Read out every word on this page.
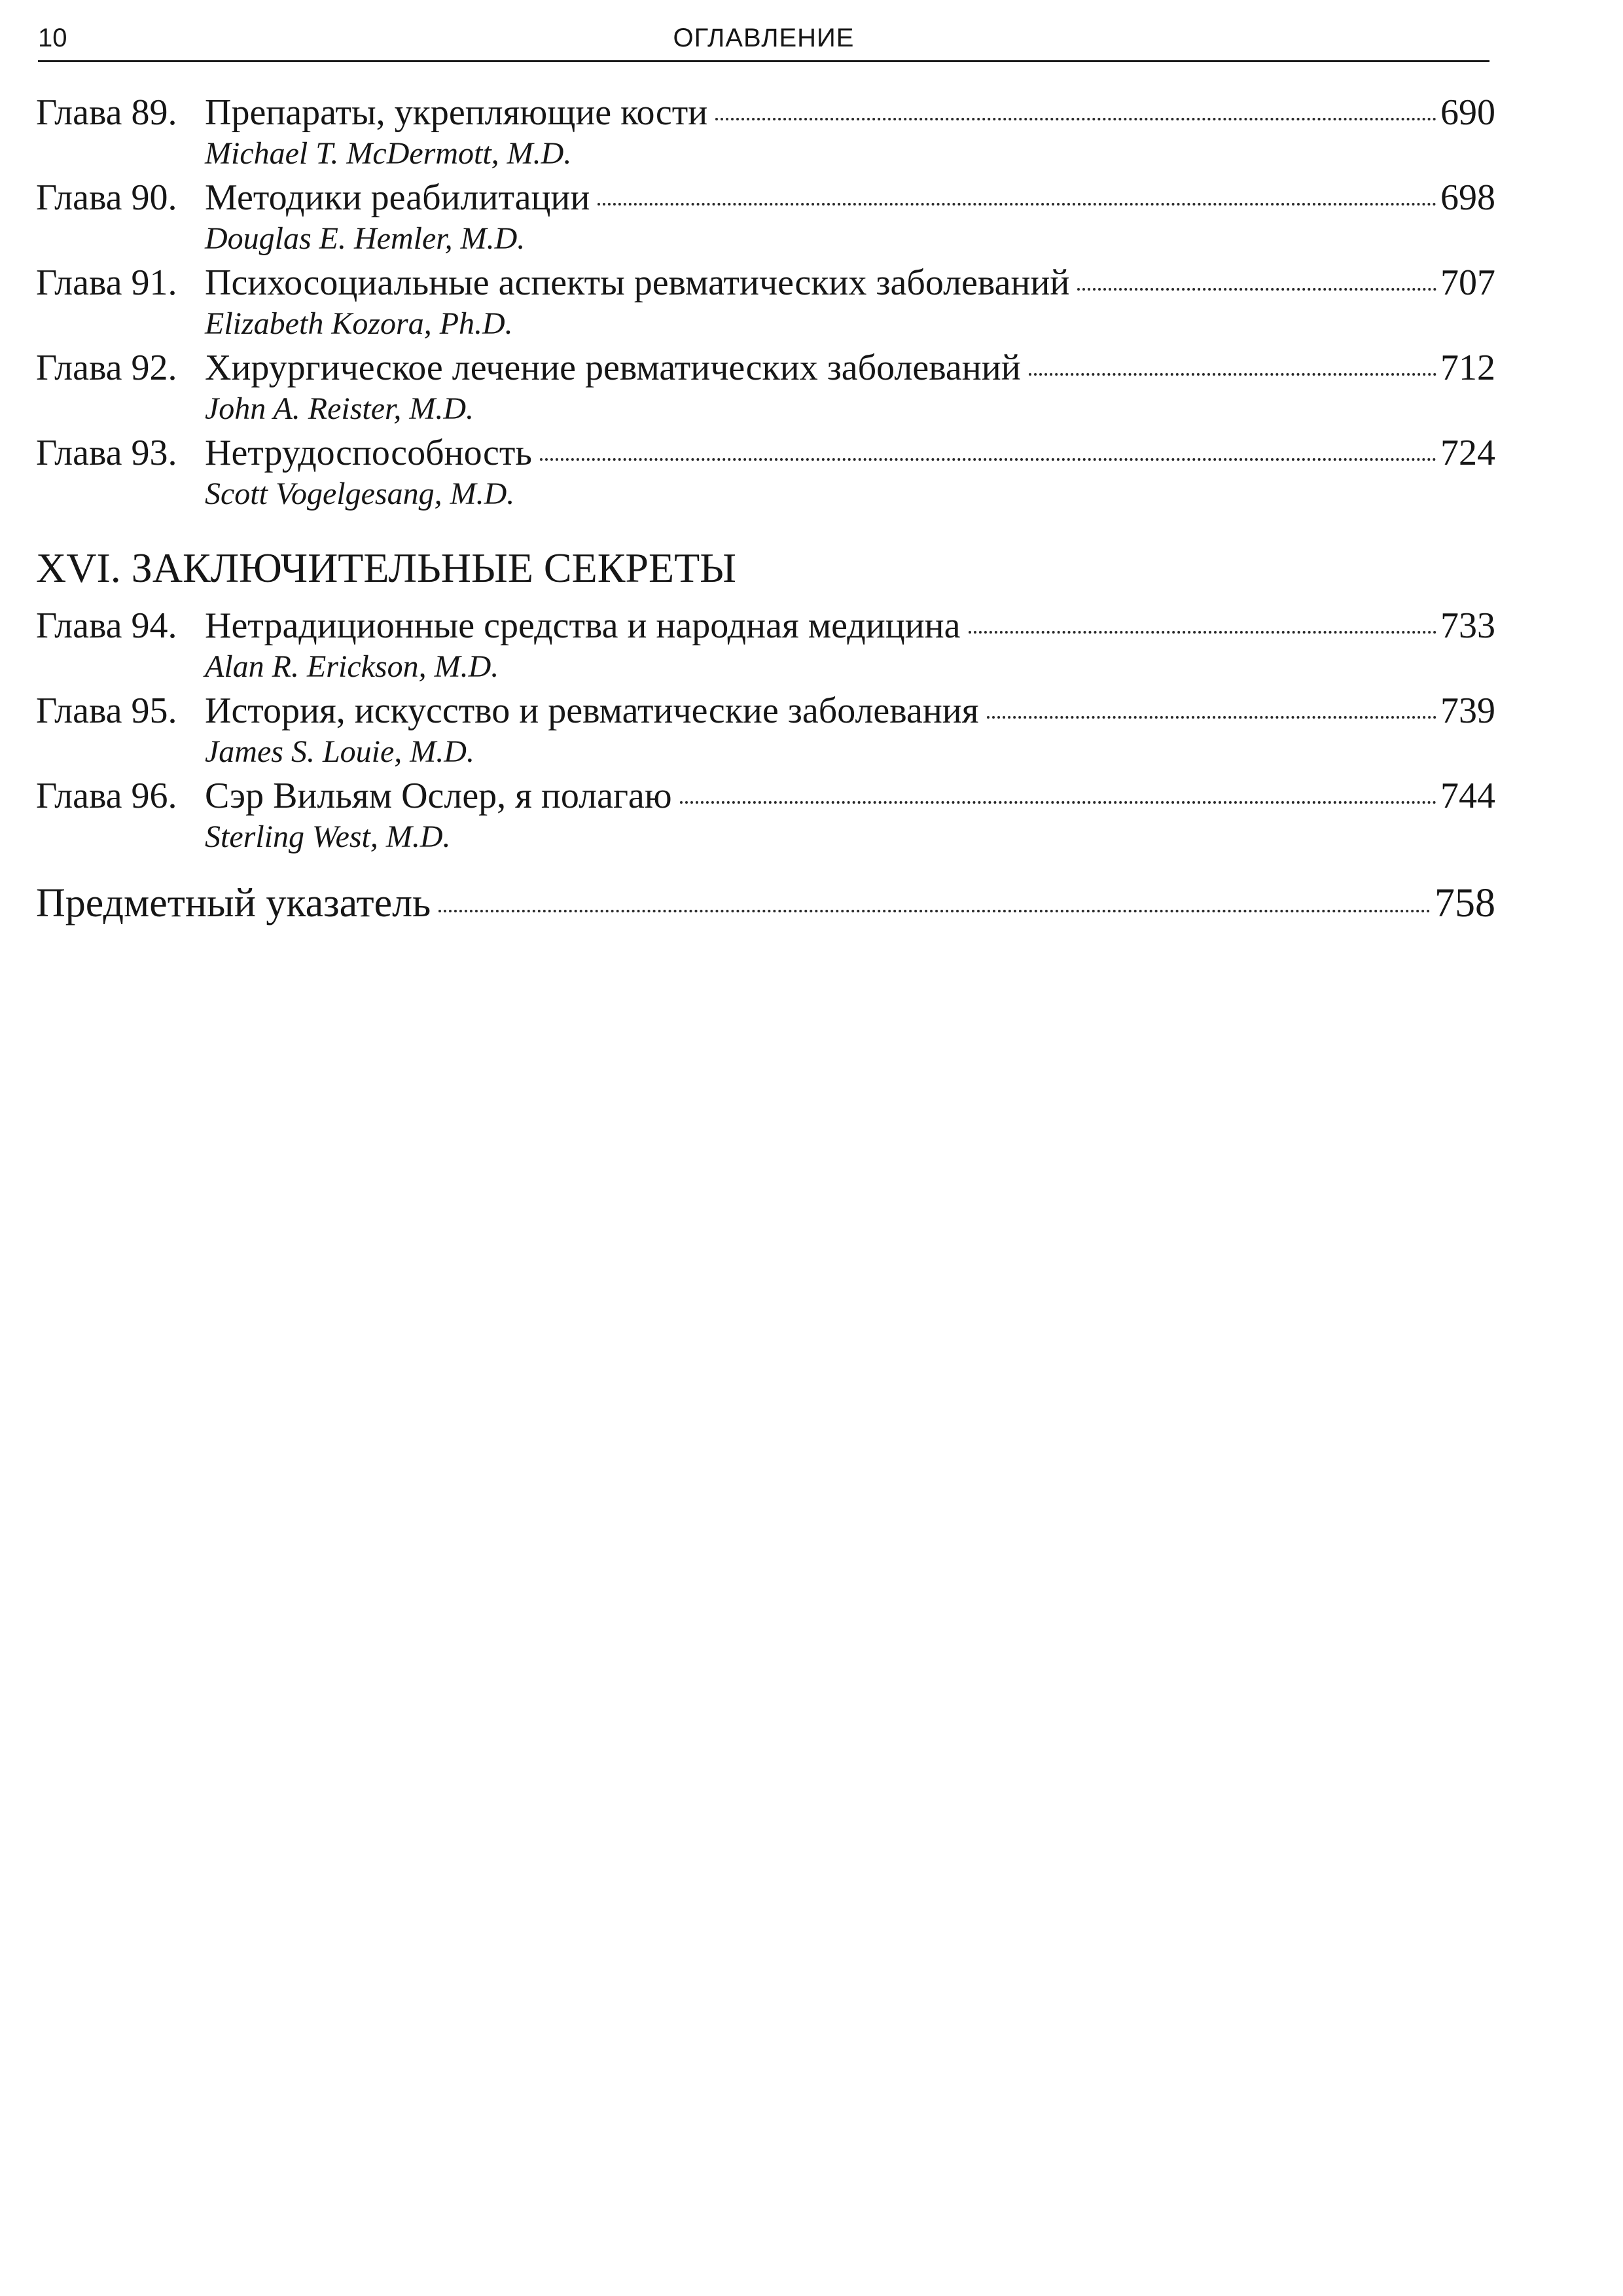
10	ОГЛАВЛЕНИЕ
Глава 89. Препараты, укрепляющие кости	690
Michael T. McDermott, M.D.
Глава 90. Методики реабилитации	698
Douglas E. Hemler, M.D.
Глава 91. Психосоциальные аспекты ревматических заболеваний	707
Elizabeth Kozora, Ph.D.
Глава 92. Хирургическое лечение ревматических заболеваний	712
John A. Reister, M.D.
Глава 93. Нетрудоспособность	724
Scott Vogelgesang, M.D.
XVI. ЗАКЛЮЧИТЕЛЬНЫЕ СЕКРЕТЫ
Глава 94. Нетрадиционные средства и народная медицина	733
Alan R. Erickson, M.D.
Глава 95. История, искусство и ревматические заболевания	739
James S. Louie, M.D.
Глава 96. Сэр Вильям Ослер, я полагаю	744
Sterling West, M.D.
Предметный указатель	758
